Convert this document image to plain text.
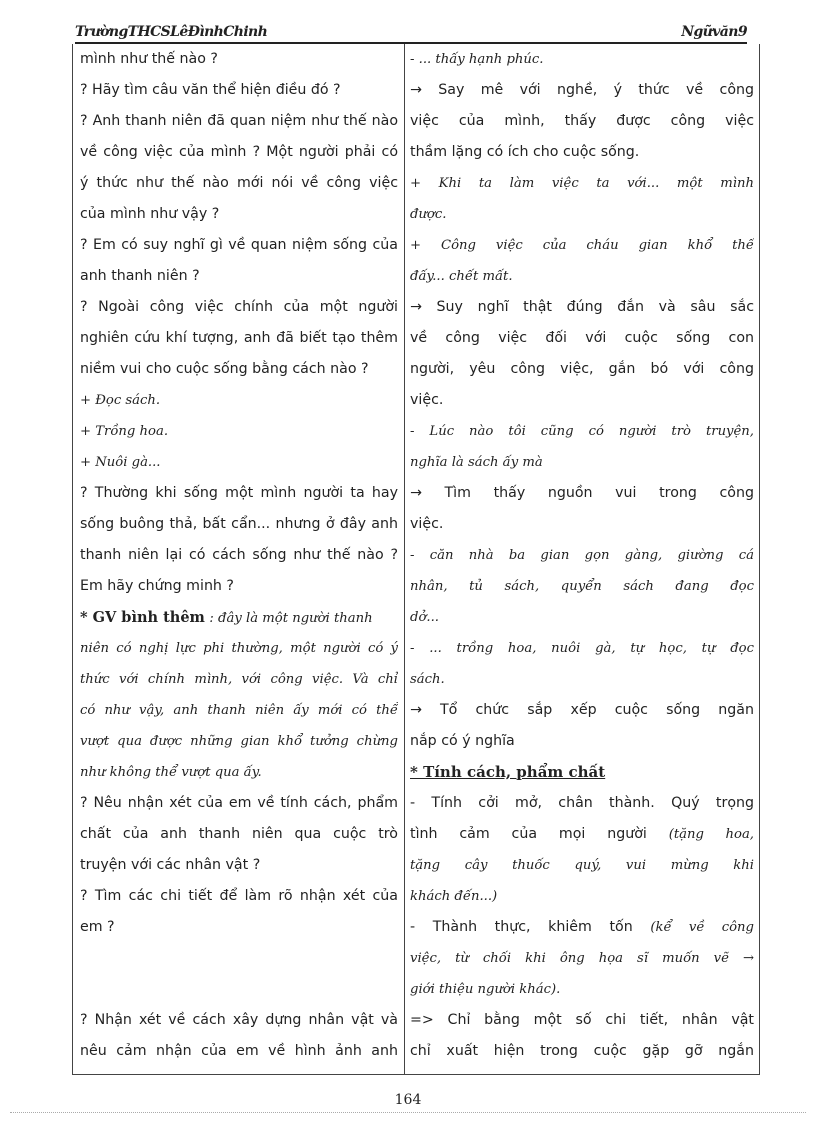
TrườngTHCSLêĐìnhChinh	Ngữvăn9
mình như thế nào ?
? Hãy tìm câu văn thể hiện điều đó ?
? Anh thanh niên đã quan niệm như thế nào
về công việc của mình ? Một người phải có
ý thức như thế nào mới nói về công việc
của mình như vậy ?
? Em có suy nghĩ gì về quan niệm sống của
anh thanh niên ?
? Ngoài công việc chính của một người
nghiên cứu khí tượng, anh đã biết tạo thêm
niềm vui cho cuộc sống bằng cách nào ?
+ Đọc sách.
+ Trồng hoa.
+ Nuôi gà...
? Thường khi sống một mình người ta hay
sống buông thả, bất cẩn... nhưng ở đây anh
thanh niên lại có cách sống như thế nào ?
Em hãy chứng minh ?
* GV bình thêm : đây là một người thanh
niên có nghị lực phi thường, một người có ý
thức với chính mình, với công việc. Và chỉ
có như vậy, anh thanh niên ấy mới có thể
vượt qua được những gian khổ tưởng chừng
như không thể vượt qua ấy.
? Nêu nhận xét của em về tính cách, phẩm
chất của anh thanh niên qua cuộc trò
truyện với các nhân vật ?
? Tìm các chi tiết để làm rõ nhận xét của
em ?
? Nhận xét về cách xây dựng nhân vật và
nêu cảm nhận của em về hình ảnh anh
- ... thấy hạnh phúc.
→ Say mê với nghề, ý thức về công
việc của mình, thấy được công việc
thầm lặng có ích cho cuộc sống.
+ Khi ta làm việc ta với... một mình
được.
+ Công việc của cháu gian khổ thế
đấy... chết mất.
→ Suy nghĩ thật đúng đắn và sâu sắc
về công việc đối với cuộc sống con
người, yêu công việc, gắn bó với công
việc.
- Lúc nào tôi cũng có người trò truyện,
nghĩa là sách ấy mà
→ Tìm thấy nguồn vui trong công
việc.
- căn nhà ba gian gọn gàng, giường cá
nhân, tủ sách, quyển sách đang đọc
dở...
- ... trồng hoa, nuôi gà, tự học, tự đọc
sách.
→ Tổ chức sắp xếp cuộc sống ngăn
nắp có ý nghĩa
* Tính cách, phẩm chất
- Tính cởi mở, chân thành. Quý trọng
tình cảm của mọi người (tặng hoa,
tặng cây thuốc quý, vui mừng khi
khách đến...)
- Thành thực, khiêm tốn (kể về công
việc, từ chối khi ông họa sĩ muốn vẽ →
giới thiệu người khác).
=> Chỉ bằng một số chi tiết, nhân vật
chỉ xuất hiện trong cuộc gặp gỡ ngắn
164
